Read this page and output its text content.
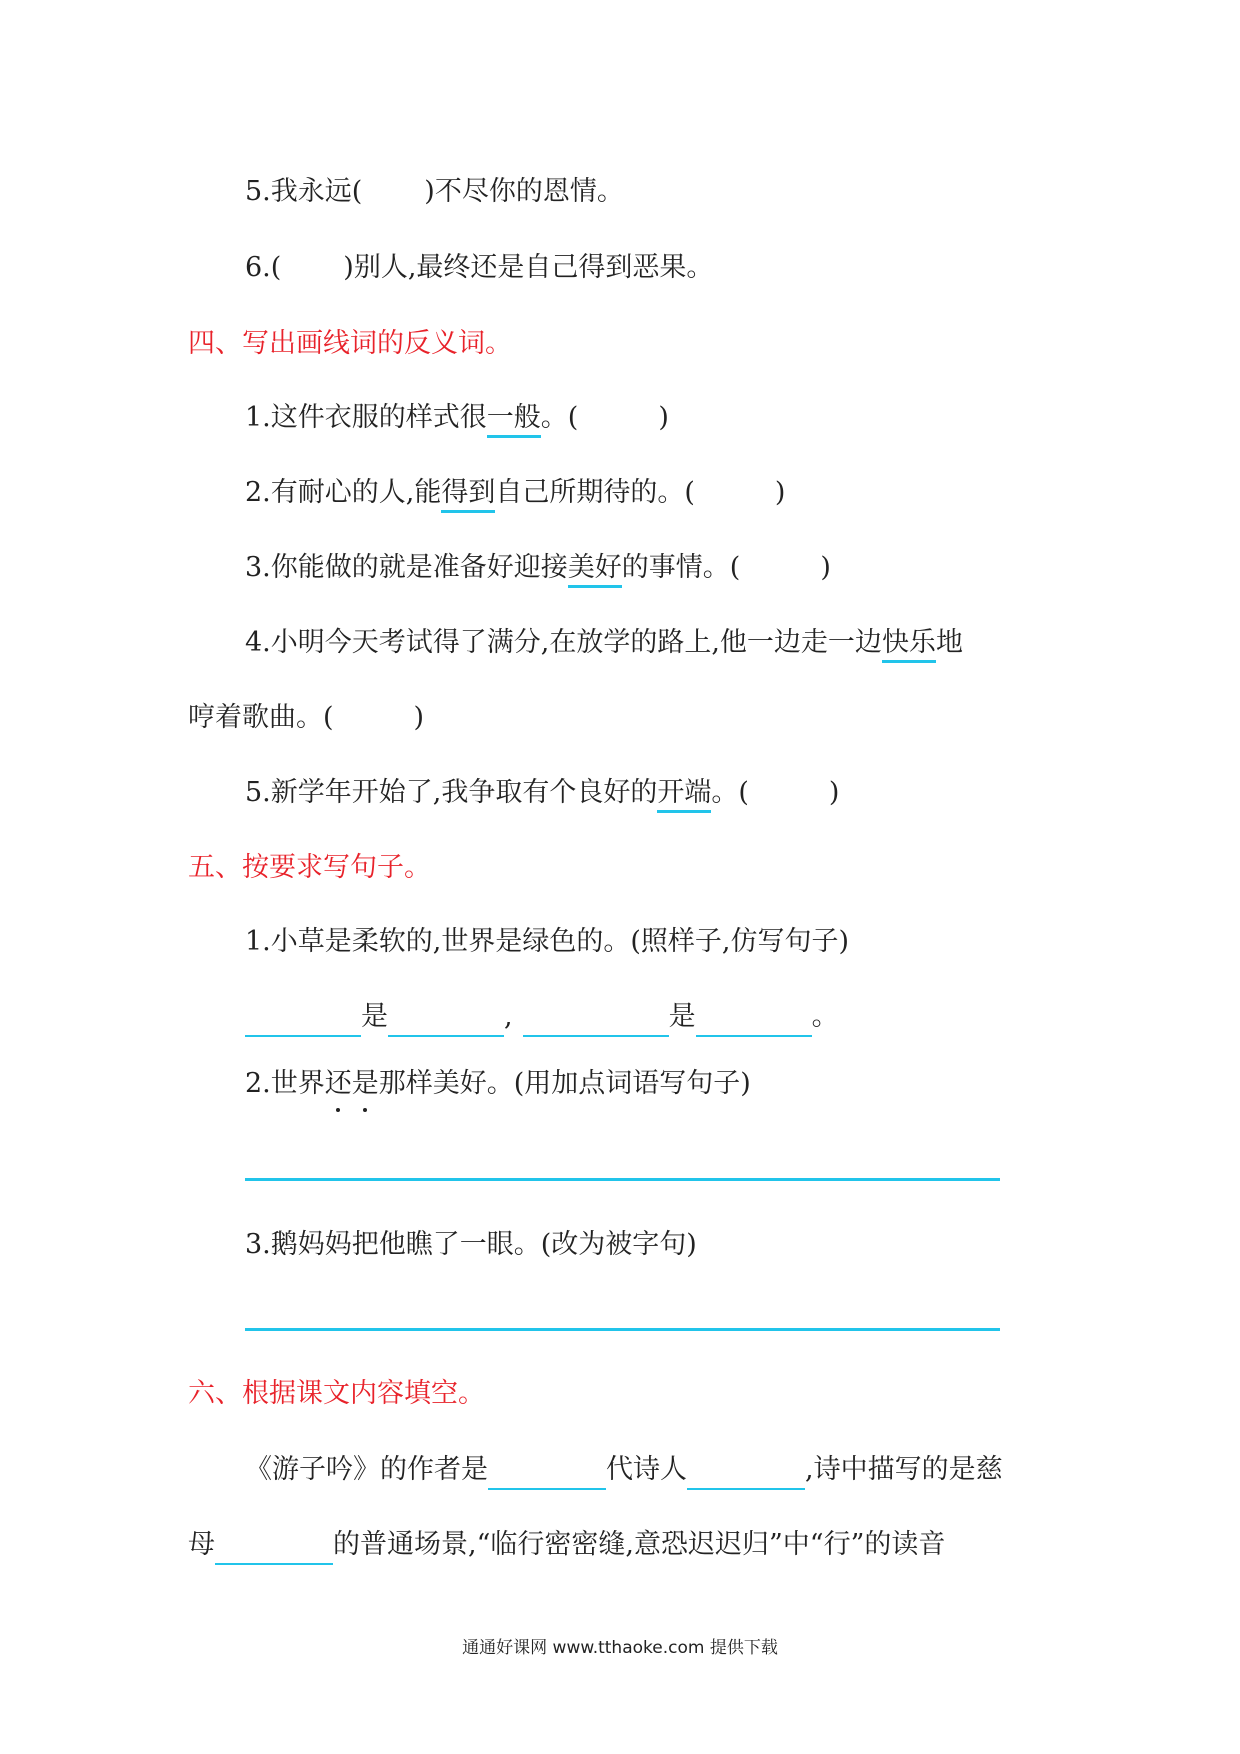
5.我永远( )不尽你的恩情。
6.( )别人,最终还是自己得到恶果。
四、写出画线词的反义词。
1.这件衣服的样式很一般。(	)
2.有耐心的人,能得到自己所期待的。(	)
3.你能做的就是准备好迎接美好的事情。(	)
4.小明今天考试得了满分,在放学的路上,他一边走一边快乐地
哼着歌曲。(	)
5.新学年开始了,我争取有个良好的开端。(	)
五、按要求写句子。
1.小草是柔软的,世界是绿色的。(照样子,仿写句子)
是	,	是	。
2.世界还是那样美好。(用加点词语写句子)
3.鹅妈妈把他瞧了一眼。(改为被字句)
六、根据课文内容填空。
《游子吟》的作者是	代诗人	,诗中描写的是慈
母	的普通场景,“临行密密缝,意恐迟迟归”中“行”的读音
通通好课网 www.tthaoke.com 提供下载
